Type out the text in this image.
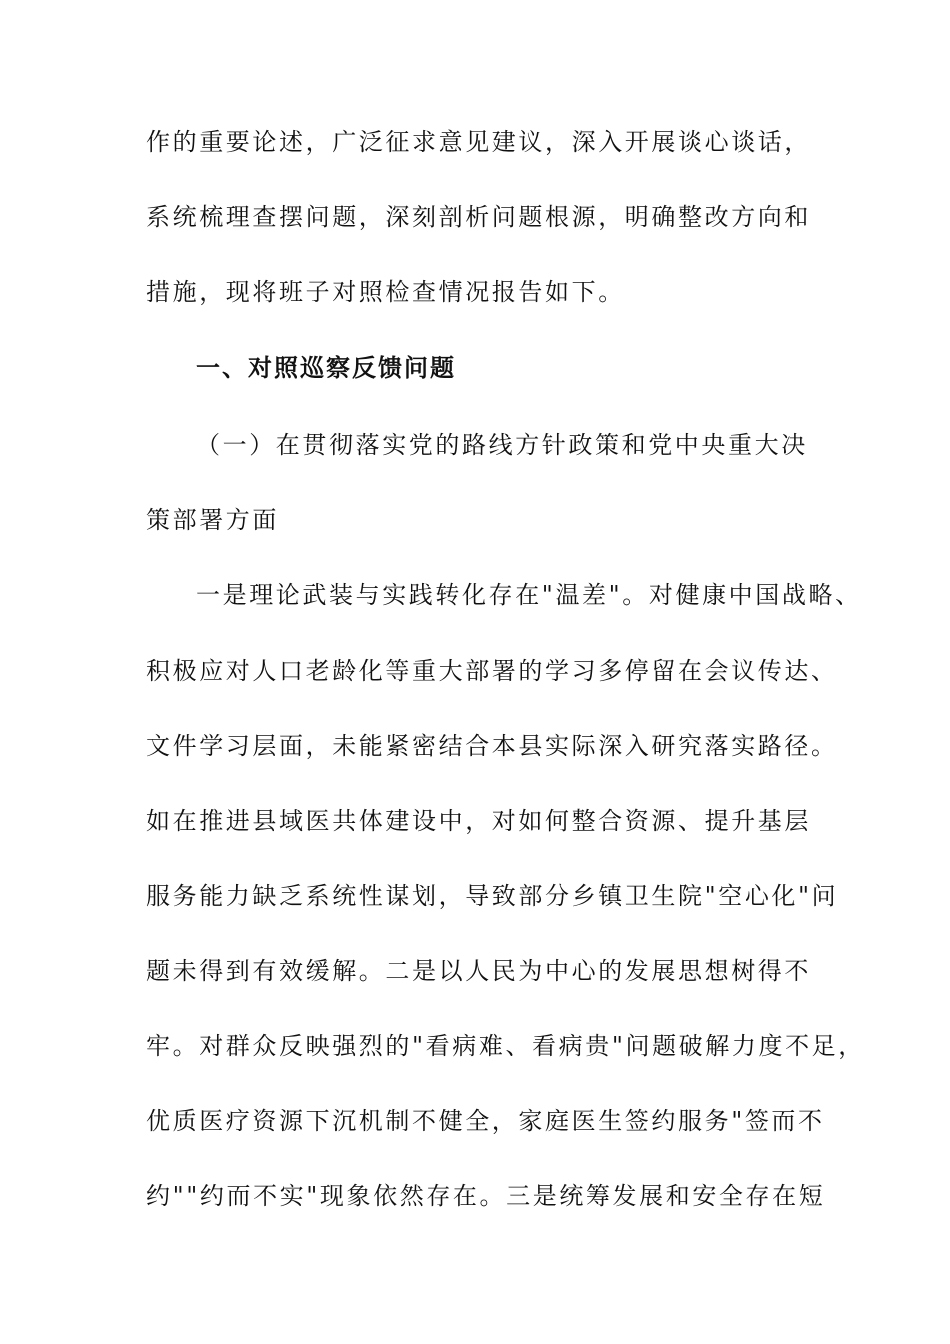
作的重要论述，广泛征求意见建议，深入开展谈心谈话，
系统梳理查摆问题，深刻剖析问题根源，明确整改方向和
措施，现将班子对照检查情况报告如下。
一、对照巡察反馈问题
（一）在贯彻落实党的路线方针政策和党中央重大决
策部署方面
一是理论武装与实践转化存在"温差"。对健康中国战略、
积极应对人口老龄化等重大部署的学习多停留在会议传达、
文件学习层面，未能紧密结合本县实际深入研究落实路径。
如在推进县域医共体建设中，对如何整合资源、提升基层
服务能力缺乏系统性谋划，导致部分乡镇卫生院"空心化"问
题未得到有效缓解。二是以人民为中心的发展思想树得不
牢。对群众反映强烈的"看病难、看病贵"问题破解力度不足，
优质医疗资源下沉机制不健全，家庭医生签约服务"签而不
约""约而不实"现象依然存在。三是统筹发展和安全存在短
